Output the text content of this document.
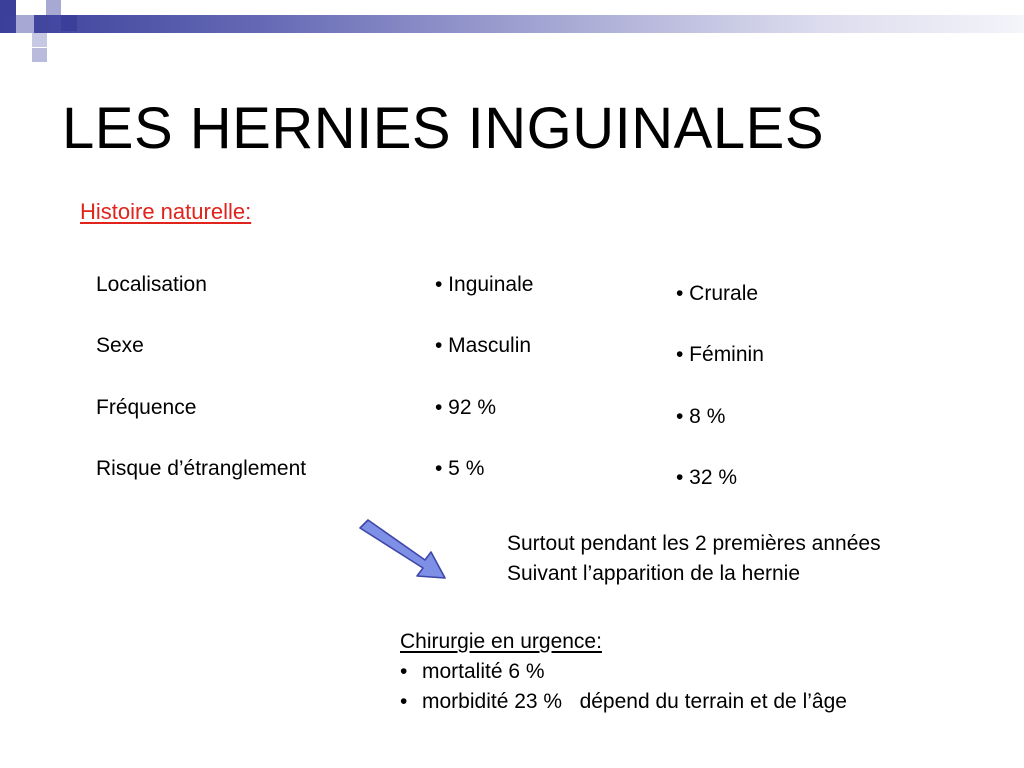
LES HERNIES INGUINALES
Histoire naturelle:
Localisation	• Inguinale	• Crurale
Sexe	• Masculin	• Féminin
Fréquence	• 92 %	• 8 %
Risque d’étranglement	• 5 %	• 32 %
Surtout pendant les 2 premières années
Suivant l’apparition de la hernie
Chirurgie en urgence:
• mortalité 6 %
• morbidité 23 %   dépend du terrain et de l’âge
